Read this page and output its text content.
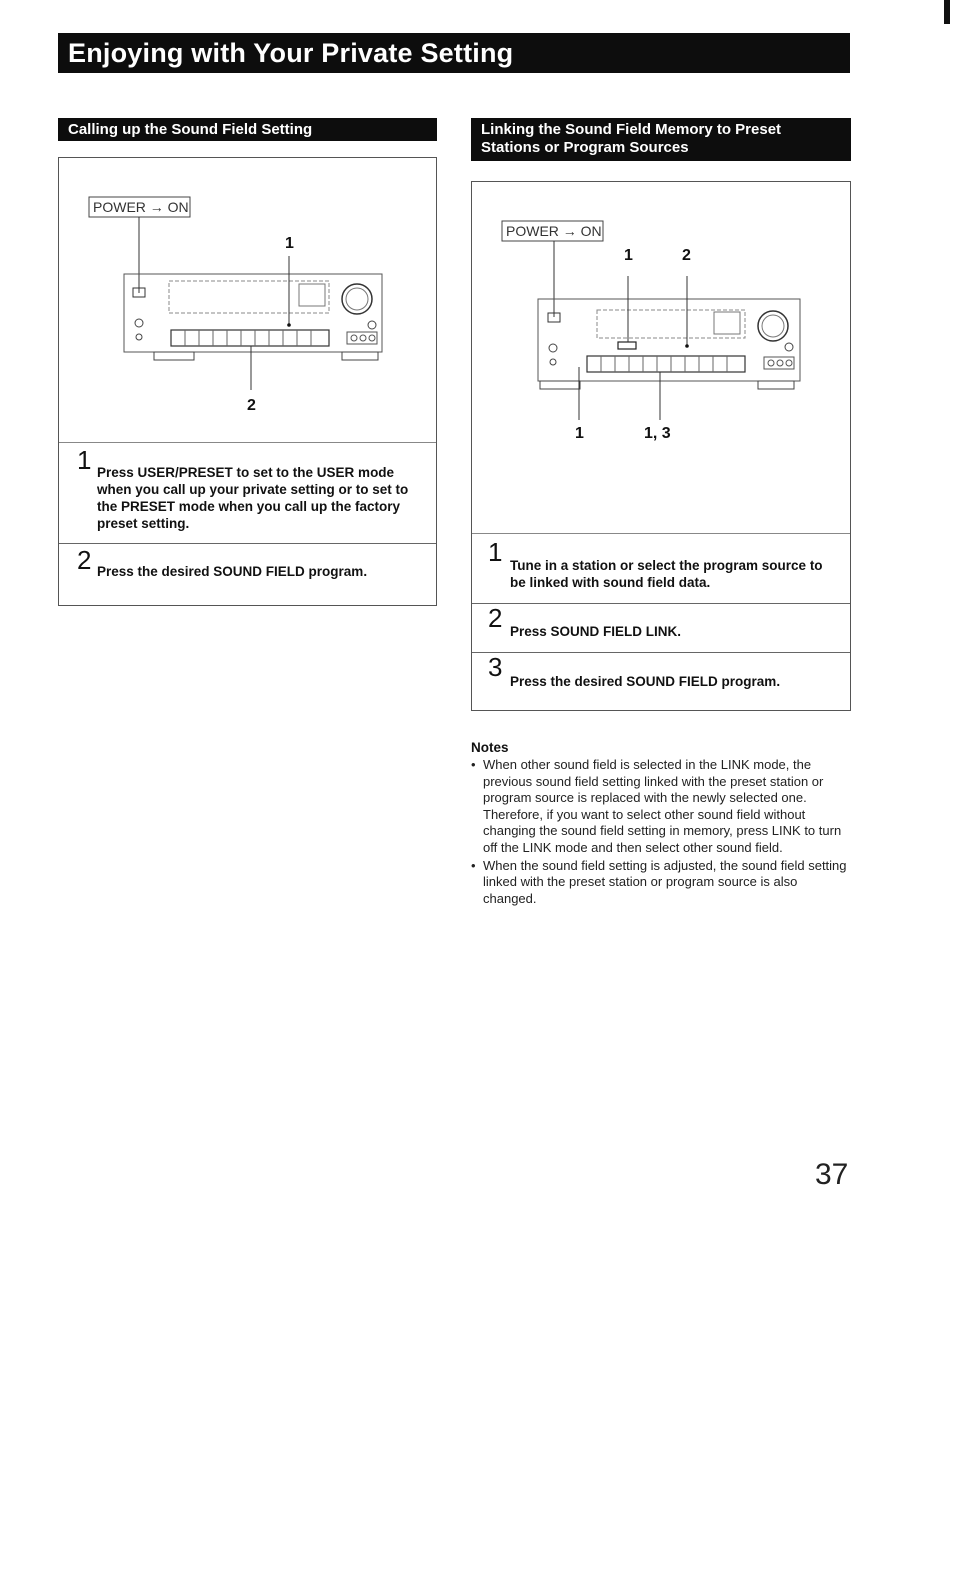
Enjoying with Your Private Setting
Calling up the Sound Field Setting
POWER → ON
1
2
1 Press USER/PRESET to set to the USER mode when you call up your private setting or to set to the PRESET mode when you call up the factory preset setting.
2 Press the desired SOUND FIELD program.
Linking the Sound Field Memory to Preset
Stations or Program Sources
POWER → ON
1	2
1	1, 3
1 Tune in a station or select the program source to be linked with sound field data.
2 Press SOUND FIELD LINK.
3 Press the desired SOUND FIELD program.
Notes
• When other sound field is selected in the LINK mode, the previous sound field setting linked with the preset station or program source is replaced with the newly selected one. Therefore, if you want to select other sound field without changing the sound field setting in memory, press LINK to turn off the LINK mode and then select other sound field.
• When the sound field setting is adjusted, the sound field setting linked with the preset station or program source is also changed.
37
